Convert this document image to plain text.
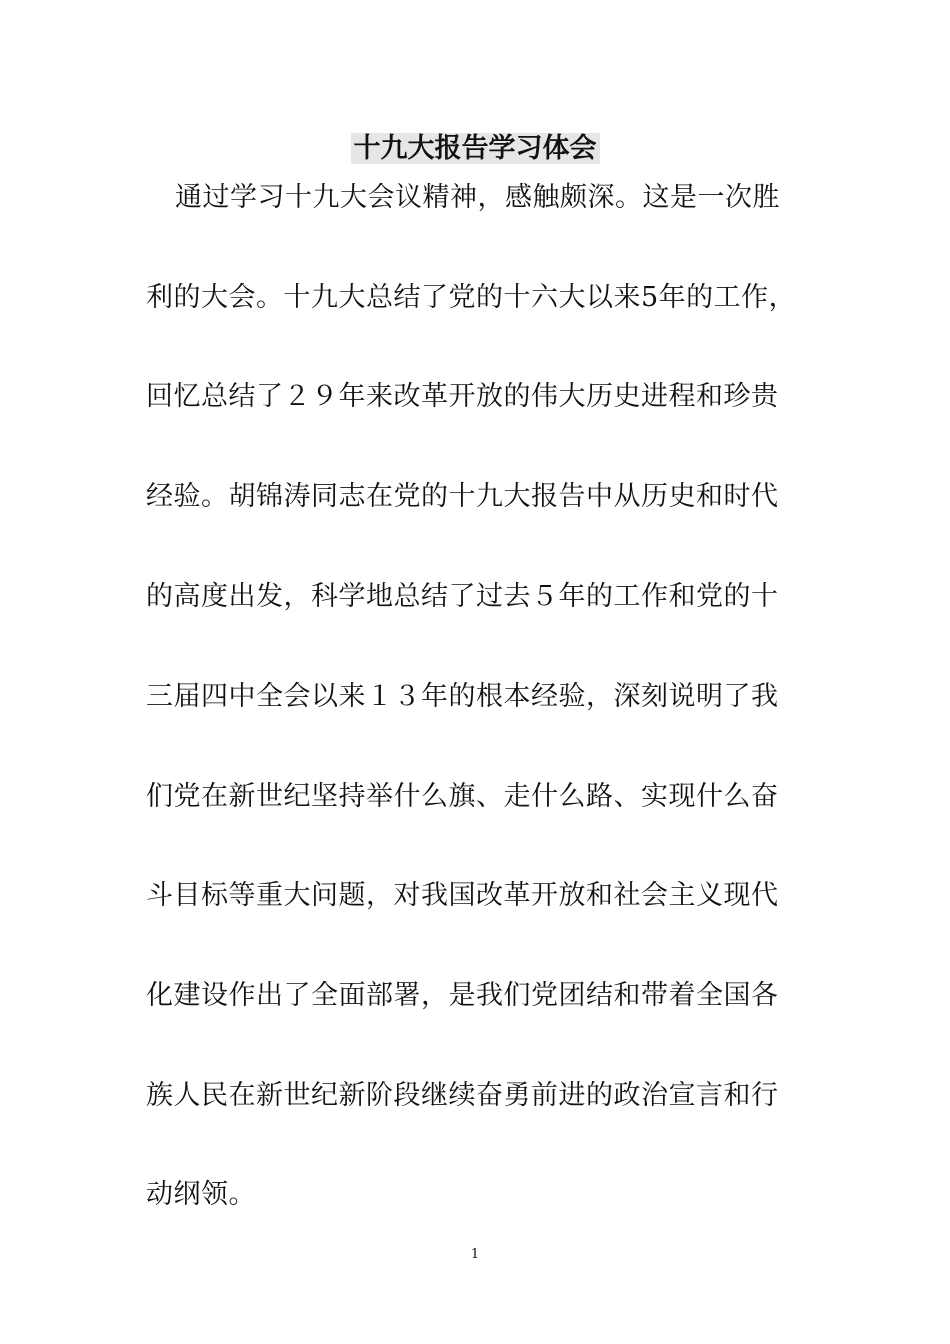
十九大报告学习体会
通过学习十九大会议精神，感触颇深。这是一次胜
利的大会。十九大总结了党的十六大以来5年的工作，
回忆总结了２９年来改革开放的伟大历史进程和珍贵
经验。胡锦涛同志在党的十九大报告中从历史和时代
的高度出发，科学地总结了过去５年的工作和党的十
三届四中全会以来１３年的根本经验，深刻说明了我
们党在新世纪坚持举什么旗、走什么路、实现什么奋
斗目标等重大问题，对我国改革开放和社会主义现代
化建设作出了全面部署，是我们党团结和带着全国各
族人民在新世纪新阶段继续奋勇前进的政治宣言和行
动纲领。
1
